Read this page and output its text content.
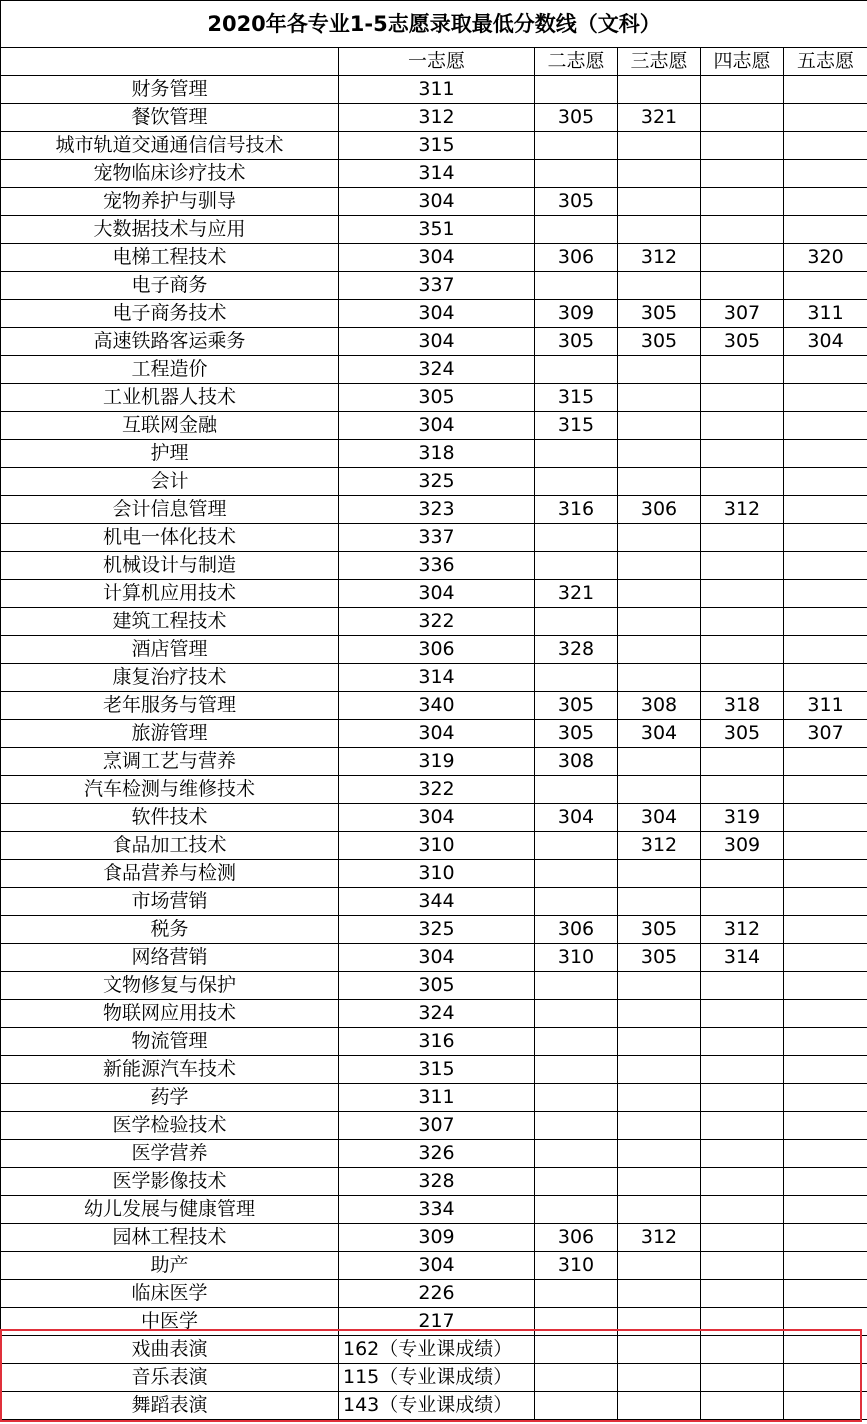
2020年各专业1-5志愿录取最低分数线（文科）					
	一志愿	二志愿	三志愿	四志愿	五志愿
财务管理	311				
餐饮管理	312	305	321		
城市轨道交通通信信号技术	315				
宠物临床诊疗技术	314				
宠物养护与驯导	304	305			
大数据技术与应用	351				
电梯工程技术	304	306	312		320
电子商务	337				
电子商务技术	304	309	305	307	311
高速铁路客运乘务	304	305	305	305	304
工程造价	324				
工业机器人技术	305	315			
互联网金融	304	315			
护理	318				
会计	325				
会计信息管理	323	316	306	312	
机电一体化技术	337				
机械设计与制造	336				
计算机应用技术	304	321			
建筑工程技术	322				
酒店管理	306	328			
康复治疗技术	314				
老年服务与管理	340	305	308	318	311
旅游管理	304	305	304	305	307
烹调工艺与营养	319	308			
汽车检测与维修技术	322				
软件技术	304	304	304	319	
食品加工技术	310		312	309	
食品营养与检测	310				
市场营销	344				
税务	325	306	305	312	
网络营销	304	310	305	314	
文物修复与保护	305				
物联网应用技术	324				
物流管理	316				
新能源汽车技术	315				
药学	311				
医学检验技术	307				
医学营养	326				
医学影像技术	328				
幼儿发展与健康管理	334				
园林工程技术	309	306	312		
助产	304	310			
临床医学	226				
中医学	217				
戏曲表演	162（专业课成绩）				
音乐表演	115（专业课成绩）				
舞蹈表演	143（专业课成绩）				
